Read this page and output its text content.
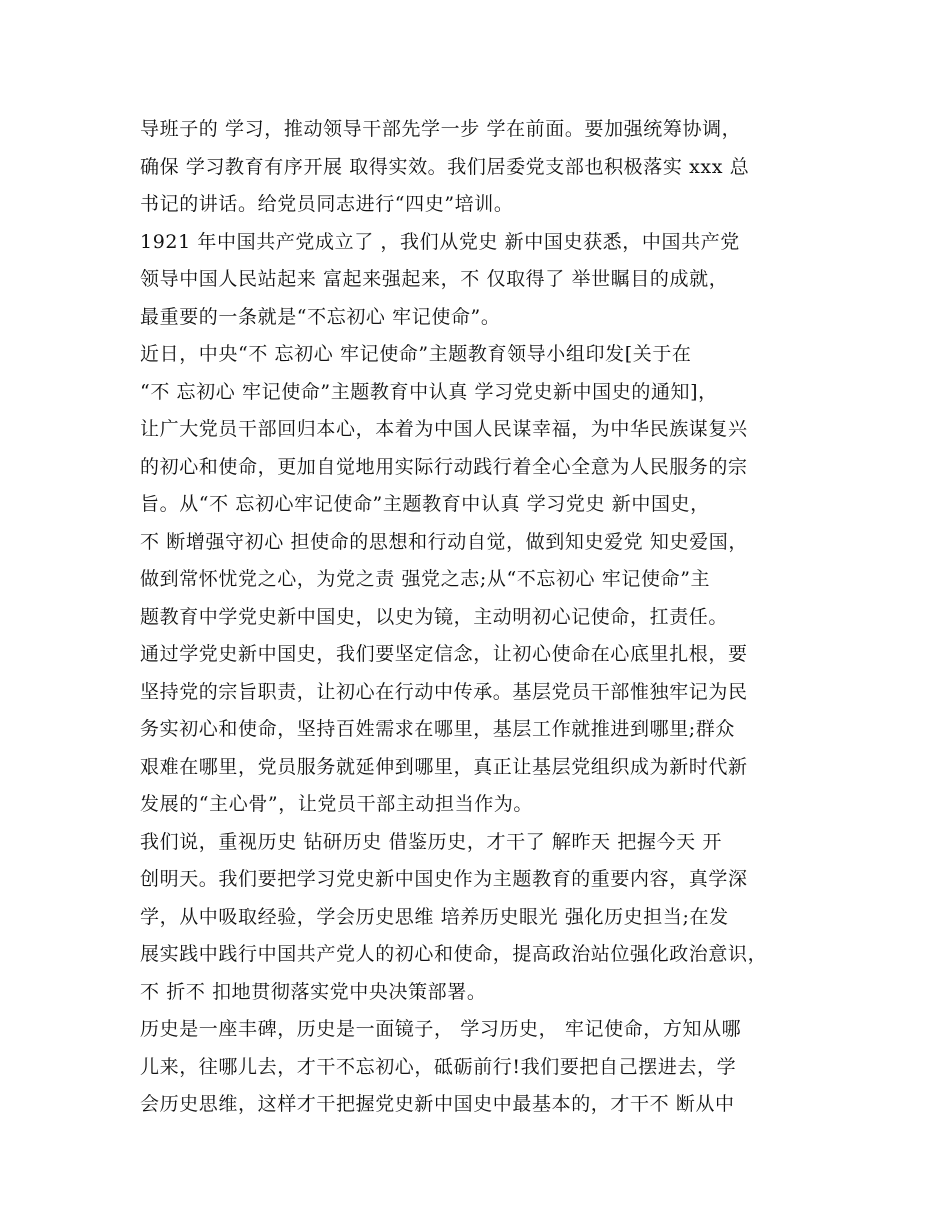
导班子的 学习，推动领导干部先学一步 学在前面。要加强统筹协调，
确保 学习教育有序开展 取得实效。我们居委党支部也积极落实 xxx 总
书记的讲话。给党员同志进行“四史”培训。
1921 年中国共产党成立了 ，我们从党史 新中国史获悉，中国共产党
领导中国人民站起来 富起来强起来，不 仅取得了 举世瞩目的成就，
最重要的一条就是“不忘初心 牢记使命”。
近日，中央“不 忘初心 牢记使命”主题教育领导小组印发[关于在
“不 忘初心 牢记使命”主题教育中认真 学习党史新中国史的通知]，
让广大党员干部回归本心，本着为中国人民谋幸福，为中华民族谋复兴
的初心和使命，更加自觉地用实际行动践行着全心全意为人民服务的宗
旨。从“不 忘初心牢记使命”主题教育中认真 学习党史 新中国史，
不 断增强守初心 担使命的思想和行动自觉，做到知史爱党 知史爱国，
做到常怀忧党之心，为党之责 强党之志;从“不忘初心 牢记使命”主
题教育中学党史新中国史，以史为镜，主动明初心记使命，扛责任。
通过学党史新中国史，我们要坚定信念，让初心使命在心底里扎根，要
坚持党的宗旨职责，让初心在行动中传承。基层党员干部惟独牢记为民
务实初心和使命，坚持百姓需求在哪里，基层工作就推进到哪里;群众
艰难在哪里，党员服务就延伸到哪里，真正让基层党组织成为新时代新
发展的“主心骨”，让党员干部主动担当作为。
我们说，重视历史 钻研历史 借鉴历史，才干了 解昨天 把握今天 开
创明天。我们要把学习党史新中国史作为主题教育的重要内容，真学深
学，从中吸取经验，学会历史思维 培养历史眼光 强化历史担当;在发
展实践中践行中国共产党人的初心和使命，提高政治站位强化政治意识，
不 折不 扣地贯彻落实党中央决策部署。
历史是一座丰碑，历史是一面镜子， 学习历史， 牢记使命，方知从哪
儿来，往哪儿去，才干不忘初心，砥砺前行!我们要把自己摆进去，学
会历史思维，这样才干把握党史新中国史中最基本的，才干不 断从中
